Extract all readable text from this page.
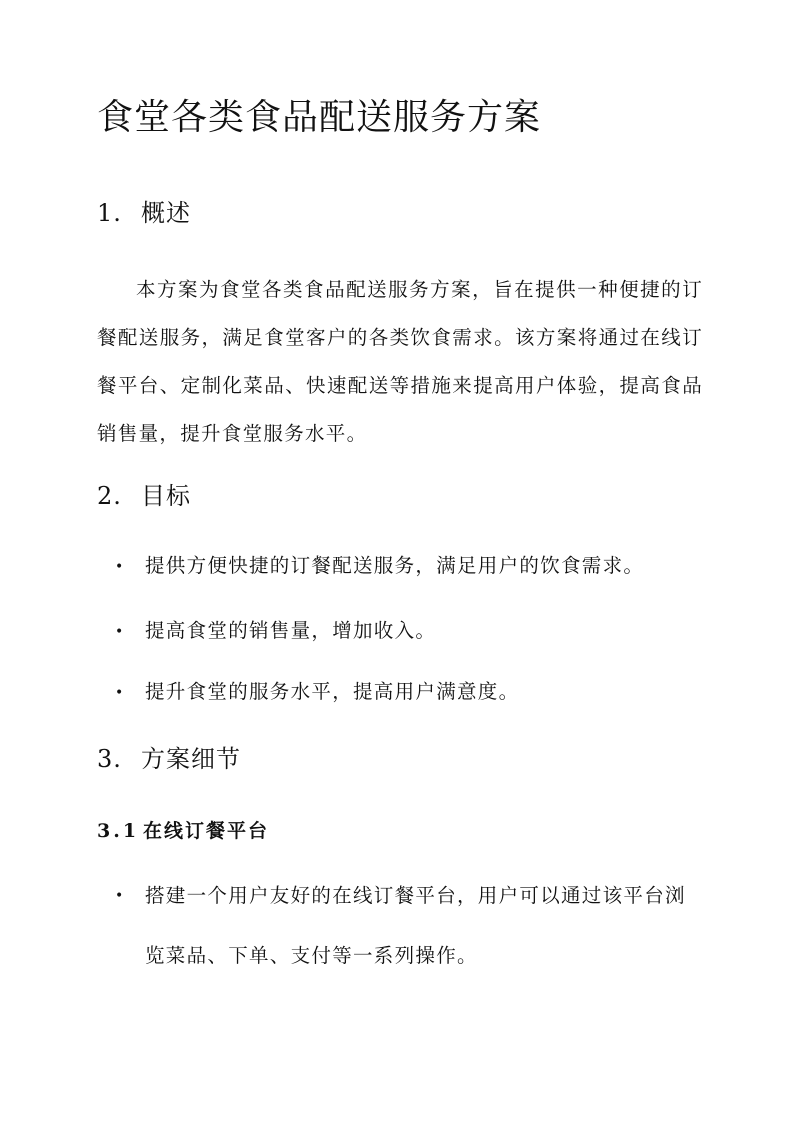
食堂各类食品配送服务方案
1. 概述

本方案为食堂各类食品配送服务方案，旨在提供一种便捷的订餐配送服务，满足食堂客户的各类饮食需求。该方案将通过在线订餐平台、定制化菜品、快速配送等措施来提高用户体验，提高食品销售量，提升食堂服务水平。

2. 目标
• 提供方便快捷的订餐配送服务，满足用户的饮食需求。
• 提高食堂的销售量，增加收入。
• 提升食堂的服务水平，提高用户满意度。
3. 方案细节
3.1 在线订餐平台
•	搭建一个用户友好的在线订餐平台，用户可以通过该平台浏览菜品、下单、支付等一系列操作。
